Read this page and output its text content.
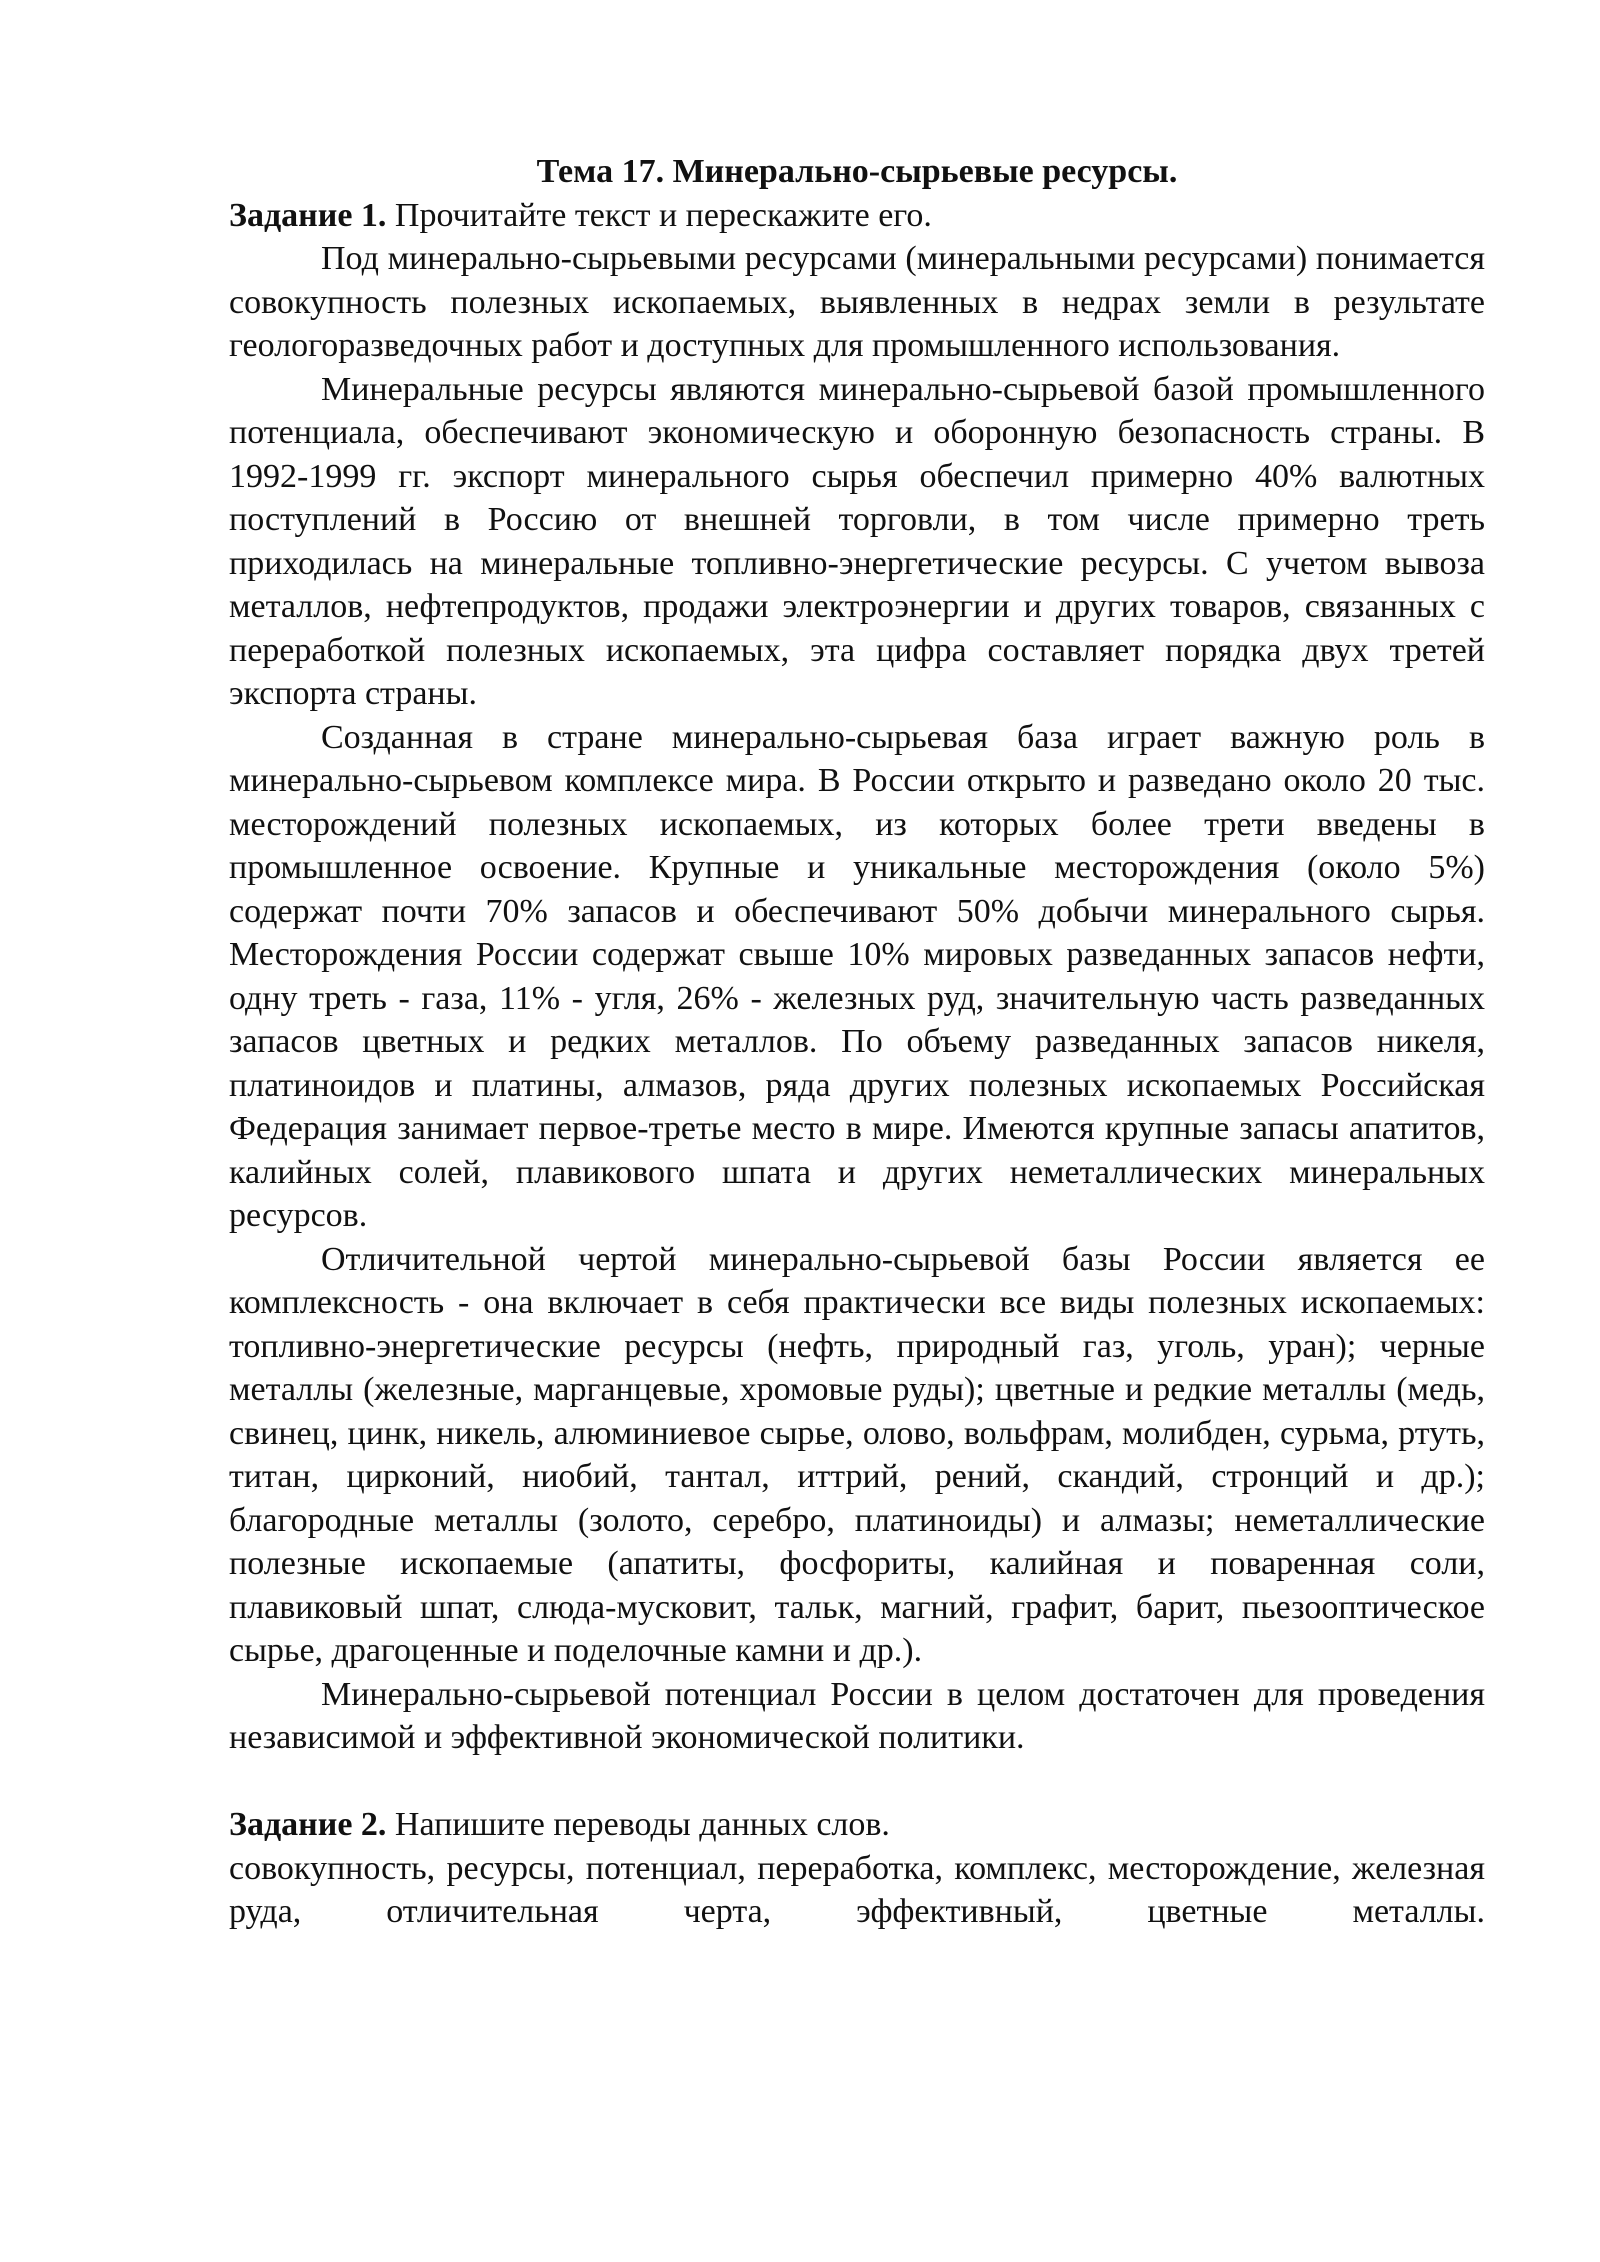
Тема 17. Минерально-сырьевые ресурсы.

Задание 1. Прочитайте текст и перескажите его.

Под минерально-сырьевыми ресурсами (минеральными ресурсами) понимается совокупность полезных ископаемых, выявленных в недрах земли в результате геологоразведочных работ и доступных для промышленного использования.

Минеральные ресурсы являются минерально-сырьевой базой промышленного потенциала, обеспечивают экономическую и оборонную безопасность страны. В 1992-1999 гг. экспорт минерального сырья обеспечил примерно 40% валютных поступлений в Россию от внешней торговли, в том числе примерно треть приходилась на минеральные топливно-энергетические ресурсы. С учетом вывоза металлов, нефтепродуктов, продажи электроэнергии и других товаров, связанных с переработкой полезных ископаемых, эта цифра составляет порядка двух третей экспорта страны.

Созданная в стране минерально-сырьевая база играет важную роль в минерально-сырьевом комплексе мира. В России открыто и разведано около 20 тыс. месторождений полезных ископаемых, из которых более трети введены в промышленное освоение. Крупные и уникальные месторождения (около 5%) содержат почти 70% запасов и обеспечивают 50% добычи минерального сырья. Месторождения России содержат свыше 10% мировых разведанных запасов нефти, одну треть - газа, 11% - угля, 26% - железных руд, значительную часть разведанных запасов цветных и редких металлов. По объему разведанных запасов никеля, платиноидов и платины, алмазов, ряда других полезных ископаемых Российская Федерация занимает первое-третье место в мире. Имеются крупные запасы апатитов, калийных солей, плавикового шпата и других неметаллических минеральных ресурсов.

Отличительной чертой минерально-сырьевой базы России является ее комплексность - она включает в себя практически все виды полезных ископаемых: топливно-энергетические ресурсы (нефть, природный газ, уголь, уран); черные металлы (железные, марганцевые, хромовые руды); цветные и редкие металлы (медь, свинец, цинк, никель, алюминиевое сырье, олово, вольфрам, молибден, сурьма, ртуть, титан, цирконий, ниобий, тантал, иттрий, рений, скандий, стронций и др.); благородные металлы (золото, серебро, платиноиды) и алмазы; неметаллические полезные ископаемые (апатиты, фосфориты, калийная и поваренная соли, плавиковый шпат, слюда-мусковит, тальк, магний, графит, барит, пьезооптическое сырье, драгоценные и поделочные камни и др.).

Минерально-сырьевой потенциал России в целом достаточен для проведения независимой и эффективной экономической политики.

Задание 2. Напишите переводы данных слов.

совокупность, ресурсы, потенциал, переработка, комплекс, месторождение, железная руда, отличительная черта, эффективный, цветные металлы.
